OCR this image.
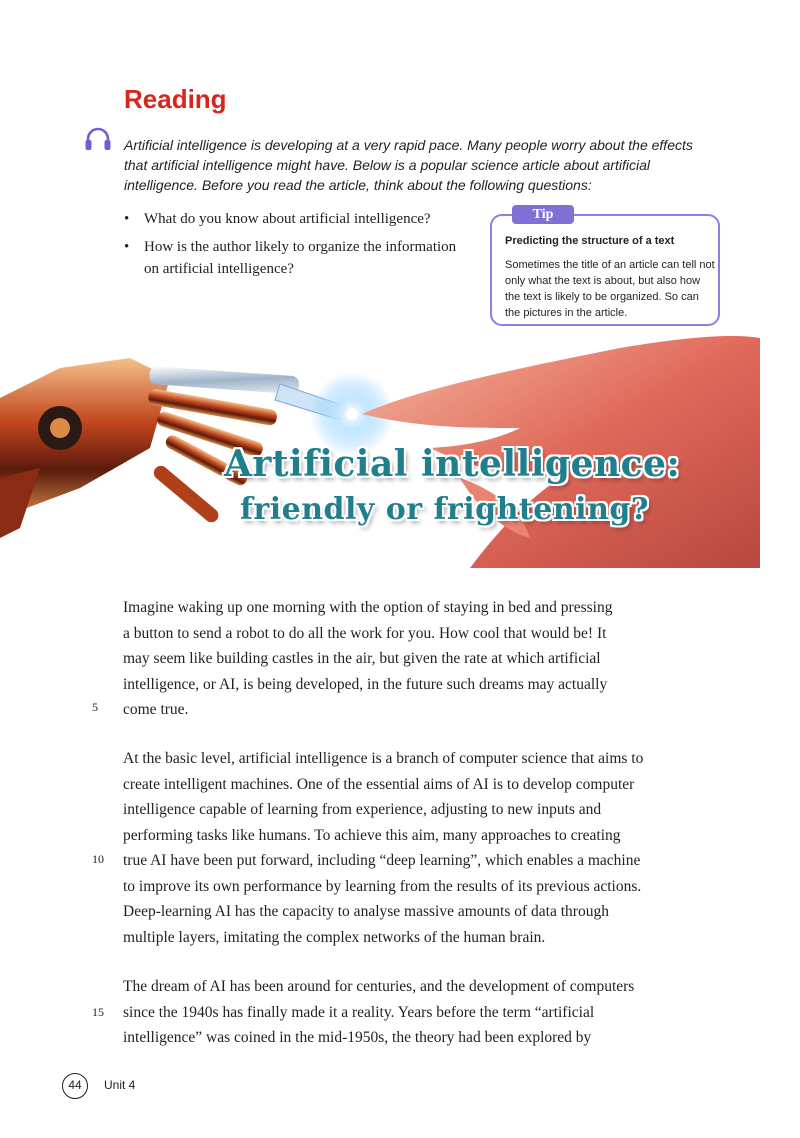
Reading

Artificial intelligence is developing at a very rapid pace. Many people worry about the effects that artificial intelligence might have. Below is a popular science article about artificial intelligence. Before you read the article, think about the following questions:

• What do you know about artificial intelligence?
• How is the author likely to organize the information on artificial intelligence?
Tip
Predicting the structure of a text

Sometimes the title of an article can tell not only what the text is about, but also how the text is likely to be organized. So can the pictures in the article.

Artificial intelligence:
friendly or frightening?

Imagine waking up one morning with the option of staying in bed and pressing
a button to send a robot to do all the work for you. How cool that would be! It
may seem like building castles in the air, but given the rate at which artificial
intelligence, or AI, is being developed, in the future such dreams may actually
come true.

5

At the basic level, artificial intelligence is a branch of computer science that aims to
create intelligent machines. One of the essential aims of AI is to develop computer
intelligence capable of learning from experience, adjusting to new inputs and
performing tasks like humans. To achieve this aim, many approaches to creating
true AI have been put forward, including “deep learning”, which enables a machine
to improve its own performance by learning from the results of its previous actions.
Deep-learning AI has the capacity to analyse massive amounts of data through
multiple layers, imitating the complex networks of the human brain.

10

The dream of AI has been around for centuries, and the development of computers
since the 1940s has finally made it a reality. Years before the term “artificial
intelligence” was coined in the mid-1950s, the theory had been explored by

15
44	Unit 4
